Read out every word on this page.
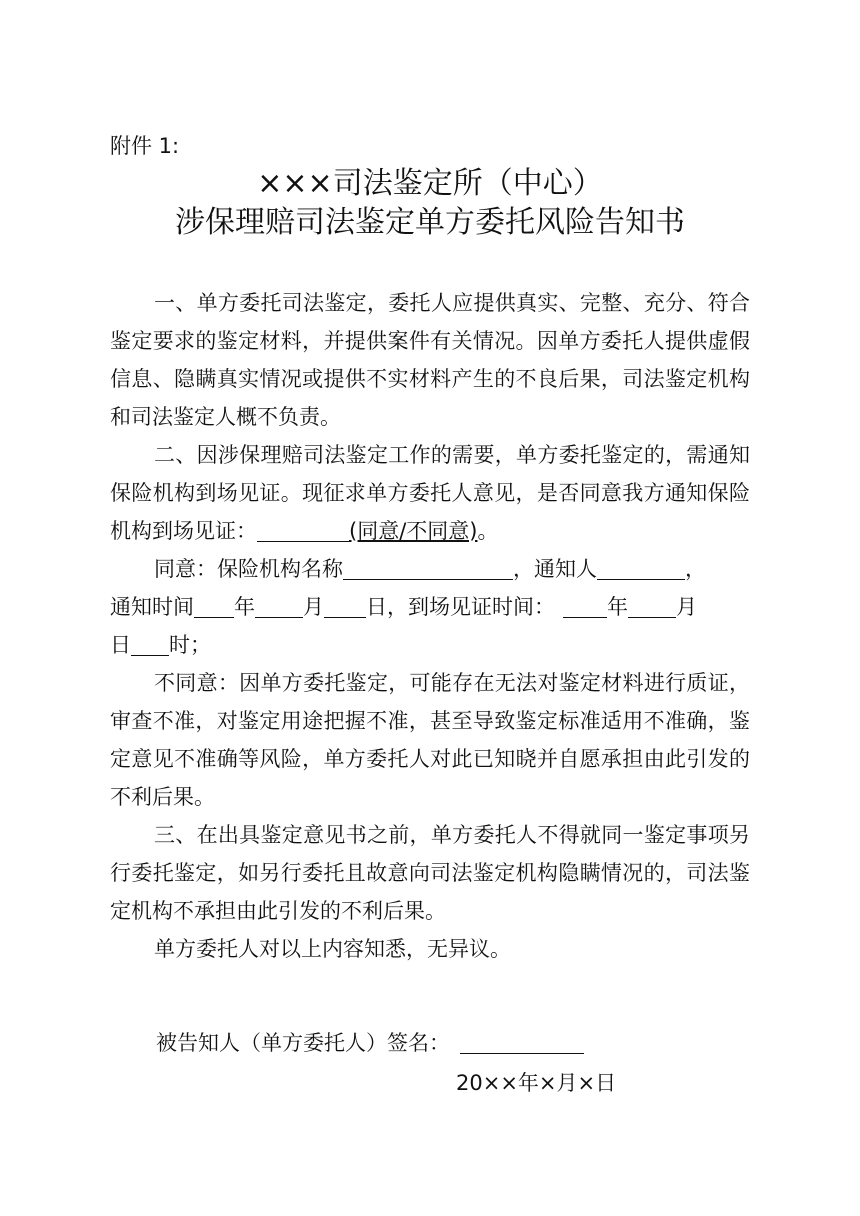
附件 1:
×××司法鉴定所（中心）
涉保理赔司法鉴定单方委托风险告知书

一、单方委托司法鉴定，委托人应提供真实、完整、充分、符合鉴定要求的鉴定材料，并提供案件有关情况。因单方委托人提供虚假信息、隐瞒真实情况或提供不实材料产生的不良后果，司法鉴定机构和司法鉴定人概不负责。

二、因涉保理赔司法鉴定工作的需要，单方委托鉴定的，需通知保险机构到场见证。现征求单方委托人意见，是否同意我方通知保险机构到场见证：	(同意/不同意)。

同意：保险机构名称	，通知人	，

通知时间 年 月 日，到场见证时间： 年 月

日 时；

不同意：因单方委托鉴定，可能存在无法对鉴定材料进行质证，审查不准，对鉴定用途把握不准，甚至导致鉴定标准适用不准确，鉴定意见不准确等风险，单方委托人对此已知晓并自愿承担由此引发的不利后果。

三、在出具鉴定意见书之前，单方委托人不得就同一鉴定事项另行委托鉴定，如另行委托且故意向司法鉴定机构隐瞒情况的，司法鉴定机构不承担由此引发的不利后果。

单方委托人对以上内容知悉，无异议。

被告知人（单方委托人）签名：
20××年×月×日
